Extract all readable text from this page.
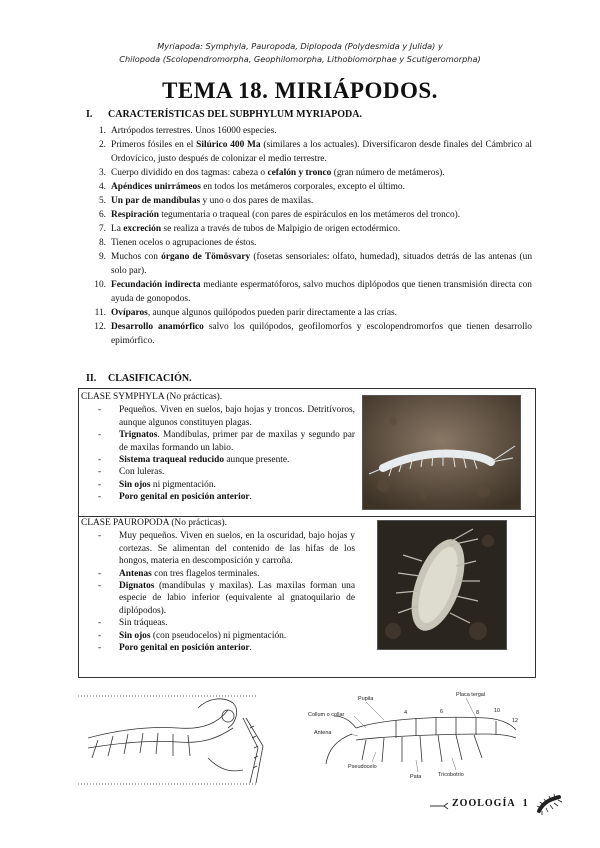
Myriapoda: Symphyla, Pauropoda, Diplopoda (Polydesmida y Julida) y
Chilopoda (Scolopendromorpha, Geophilomorpha, Lithobiomorphae y Scutigeromorpha)
TEMA 18. MIRIÁPODOS.
I. CARACTERÍSTICAS DEL SUBPHYLUM MYRIAPODA.
1. Artrópodos terrestres. Unos 16000 especies.
2. Primeros fósiles en el Silúrico 400 Ma (similares a los actuales). Diversificaron desde finales del Cámbrico al Ordovícico, justo después de colonizar el medio terrestre.
3. Cuerpo dividido en dos tagmas: cabeza o cefalón y tronco (gran número de metámeros).
4. Apéndices unirrámeos en todos los metámeros corporales, excepto el último.
5. Un par de mandíbulas y uno o dos pares de maxilas.
6. Respiración tegumentaria o traqueal (con pares de espiráculos en los metámeros del tronco).
7. La excreción se realiza a través de tubos de Malpigio de origen ectodérmico.
8. Tienen ocelos o agrupaciones de éstos.
9. Muchos con órgano de Tömösvary (fosetas sensoriales: olfato, humedad), situados detrás de las antenas (un solo par).
10. Fecundación indirecta mediante espermatóforos, salvo muchos diplópodos que tienen transmisión directa con ayuda de gonopodos.
11. Ovíparos, aunque algunos quilópodos pueden parir directamente a las crías.
12. Desarrollo anamórfico salvo los quilópodos, geofilomorfos y escolopendromorfos que tienen desarrollo epimórfico.
II. CLASIFICACIÓN.
CLASE SYMPHYLA (No prácticas).
- Pequeños. Viven en suelos, bajo hojas y troncos. Detritívoros, aunque algunos constituyen plagas.
- Trignatos. Mandíbulas, primer par de maxilas y segundo par de maxilas formando un labio.
- Sistema traqueal reducido aunque presente.
- Con luleras.
- Sin ojos ni pigmentación.
- Poro genital en posición anterior.
CLASE PAUROPODA (No prácticas).
- Muy pequeños. Viven en suelos, en la oscuridad, bajo hojas y cortezas. Se alimentan del contenido de las hifas de los hongos, materia en descomposición y carroña.
- Antenas con tres flagelos terminales.
- Dignatos (mandíbulas y maxilas). Las maxilas forman una especie de labio inferior (equivalente al gnatoquilario de diplópodos).
- Sin tráqueas.
- Sin ojos (con pseudocelos) ni pigmentación.
- Poro genital en posición anterior.
Pupila
Placa tergal
Collum o collar
Antena
Pseudocelo
Pata	Tricobotrio
4	6	8	10
12
ZOOLOGÍA 1
